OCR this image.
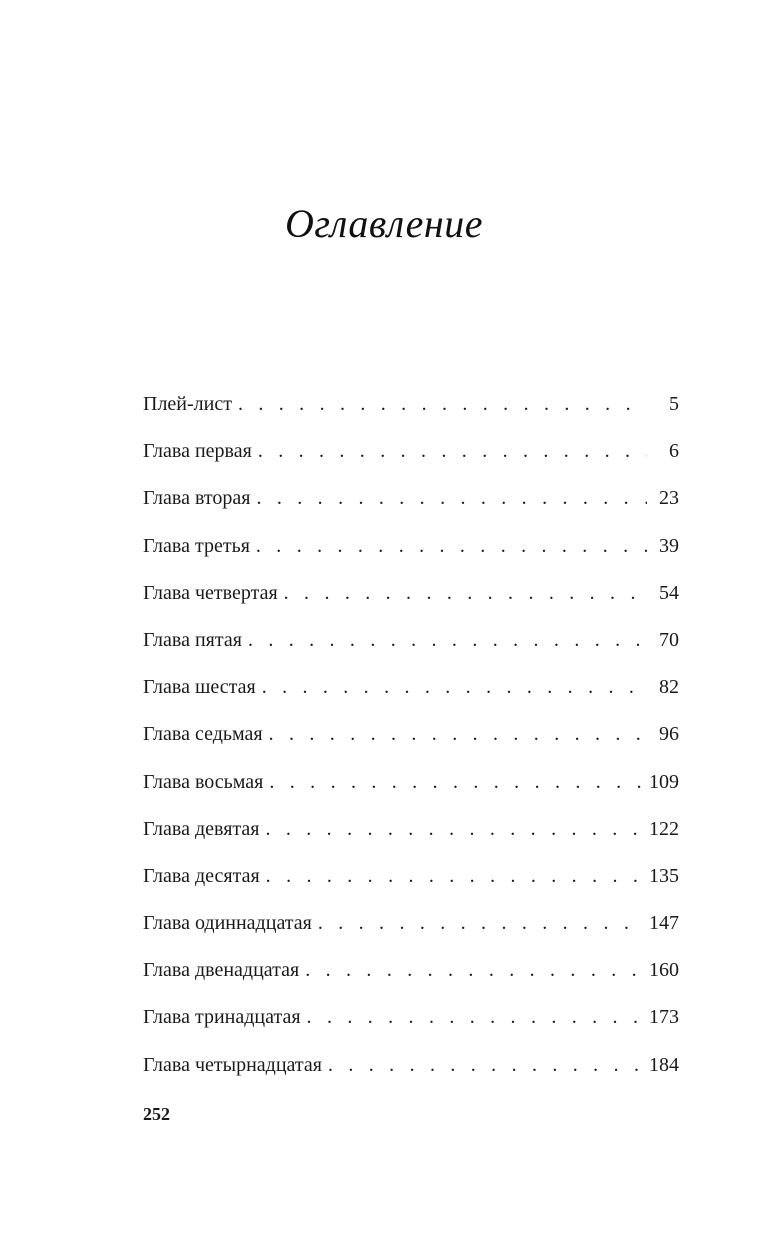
Оглавление
Плей-лист . . .	5
Глава первая . . .	6
Глава вторая . . .	23
Глава третья . . .	39
Глава четвертая . . .	54
Глава пятая . . .	70
Глава шестая . . .	82
Глава седьмая . . .	96
Глава восьмая . . .	109
Глава девятая . . .	122
Глава десятая . . .	135
Глава одиннадцатая . . .	147
Глава двенадцатая . . .	160
Глава тринадцатая . . .	173
Глава четырнадцатая . . .	184
252
